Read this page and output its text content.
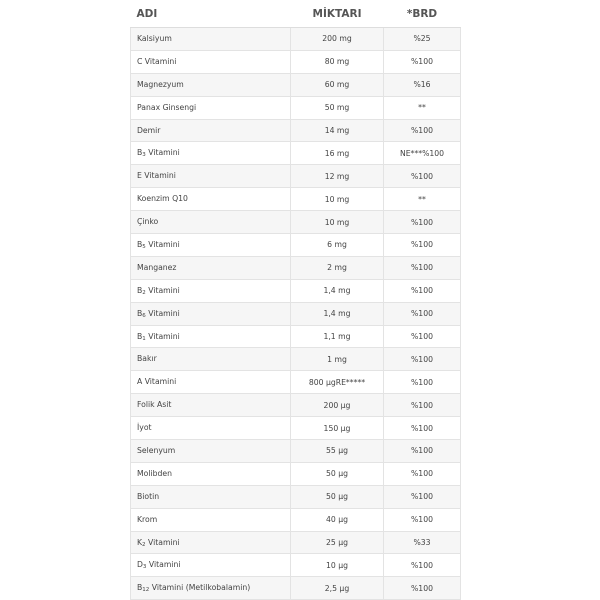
ADI	MİKTARI	*BRD
Kalsiyum	200 mg	%25
C Vitamini	80 mg	%100
Magnezyum	60 mg	%16
Panax Ginsengi	50 mg	**
Demir	14 mg	%100
$B_3$ Vitamini	16 mg	NE***%100
E Vitamini	12 mg	%100
Koenzim Q10	10 mg	**
Çinko	10 mg	%100
$B_5$ Vitamini	6 mg	%100
Manganez	2 mg	%100
$B_2$ Vitamini	1,4 mg	%100
$B_6$ Vitamini	1,4 mg	%100
$B_1$ Vitamini	1,1 mg	%100
Bakır	1 mg	%100
A Vitamini	800 µgRE*****	%100
Folik Asit	200 µg	%100
İyot	150 µg	%100
Selenyum	55 µg	%100
Molibden	50 µg	%100
Biotin	50 µg	%100
Krom	40 µg	%100
$K_2$ Vitamini	25 µg	%33
$D_3$ Vitamini	10 µg	%100
$B_{12}$ Vitamini (Metilkobalamin)	2,5 µg	%100
